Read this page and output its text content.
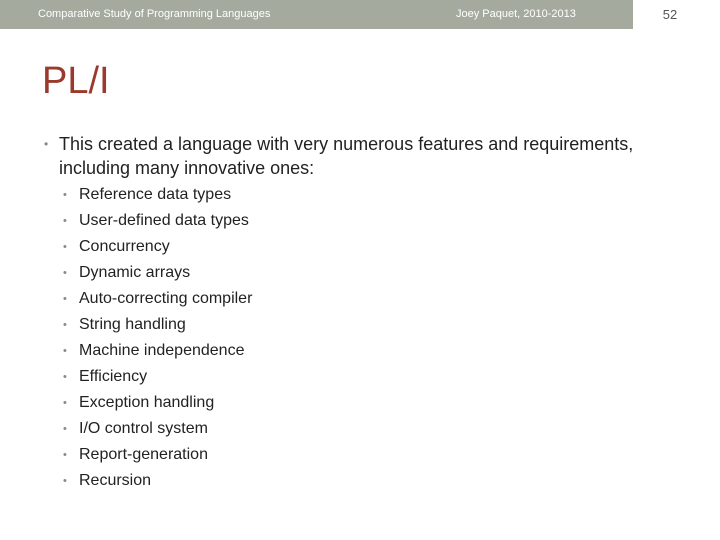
Comparative Study of Programming Languages	Joey Paquet, 2010-2013	52
PL/I
• This created a language with very numerous features and requirements, including many innovative ones:
• Reference data types
• User-defined data types
• Concurrency
• Dynamic arrays
• Auto-correcting compiler
• String handling
• Machine independence
• Efficiency
• Exception handling
• I/O control system
• Report-generation
• Recursion
